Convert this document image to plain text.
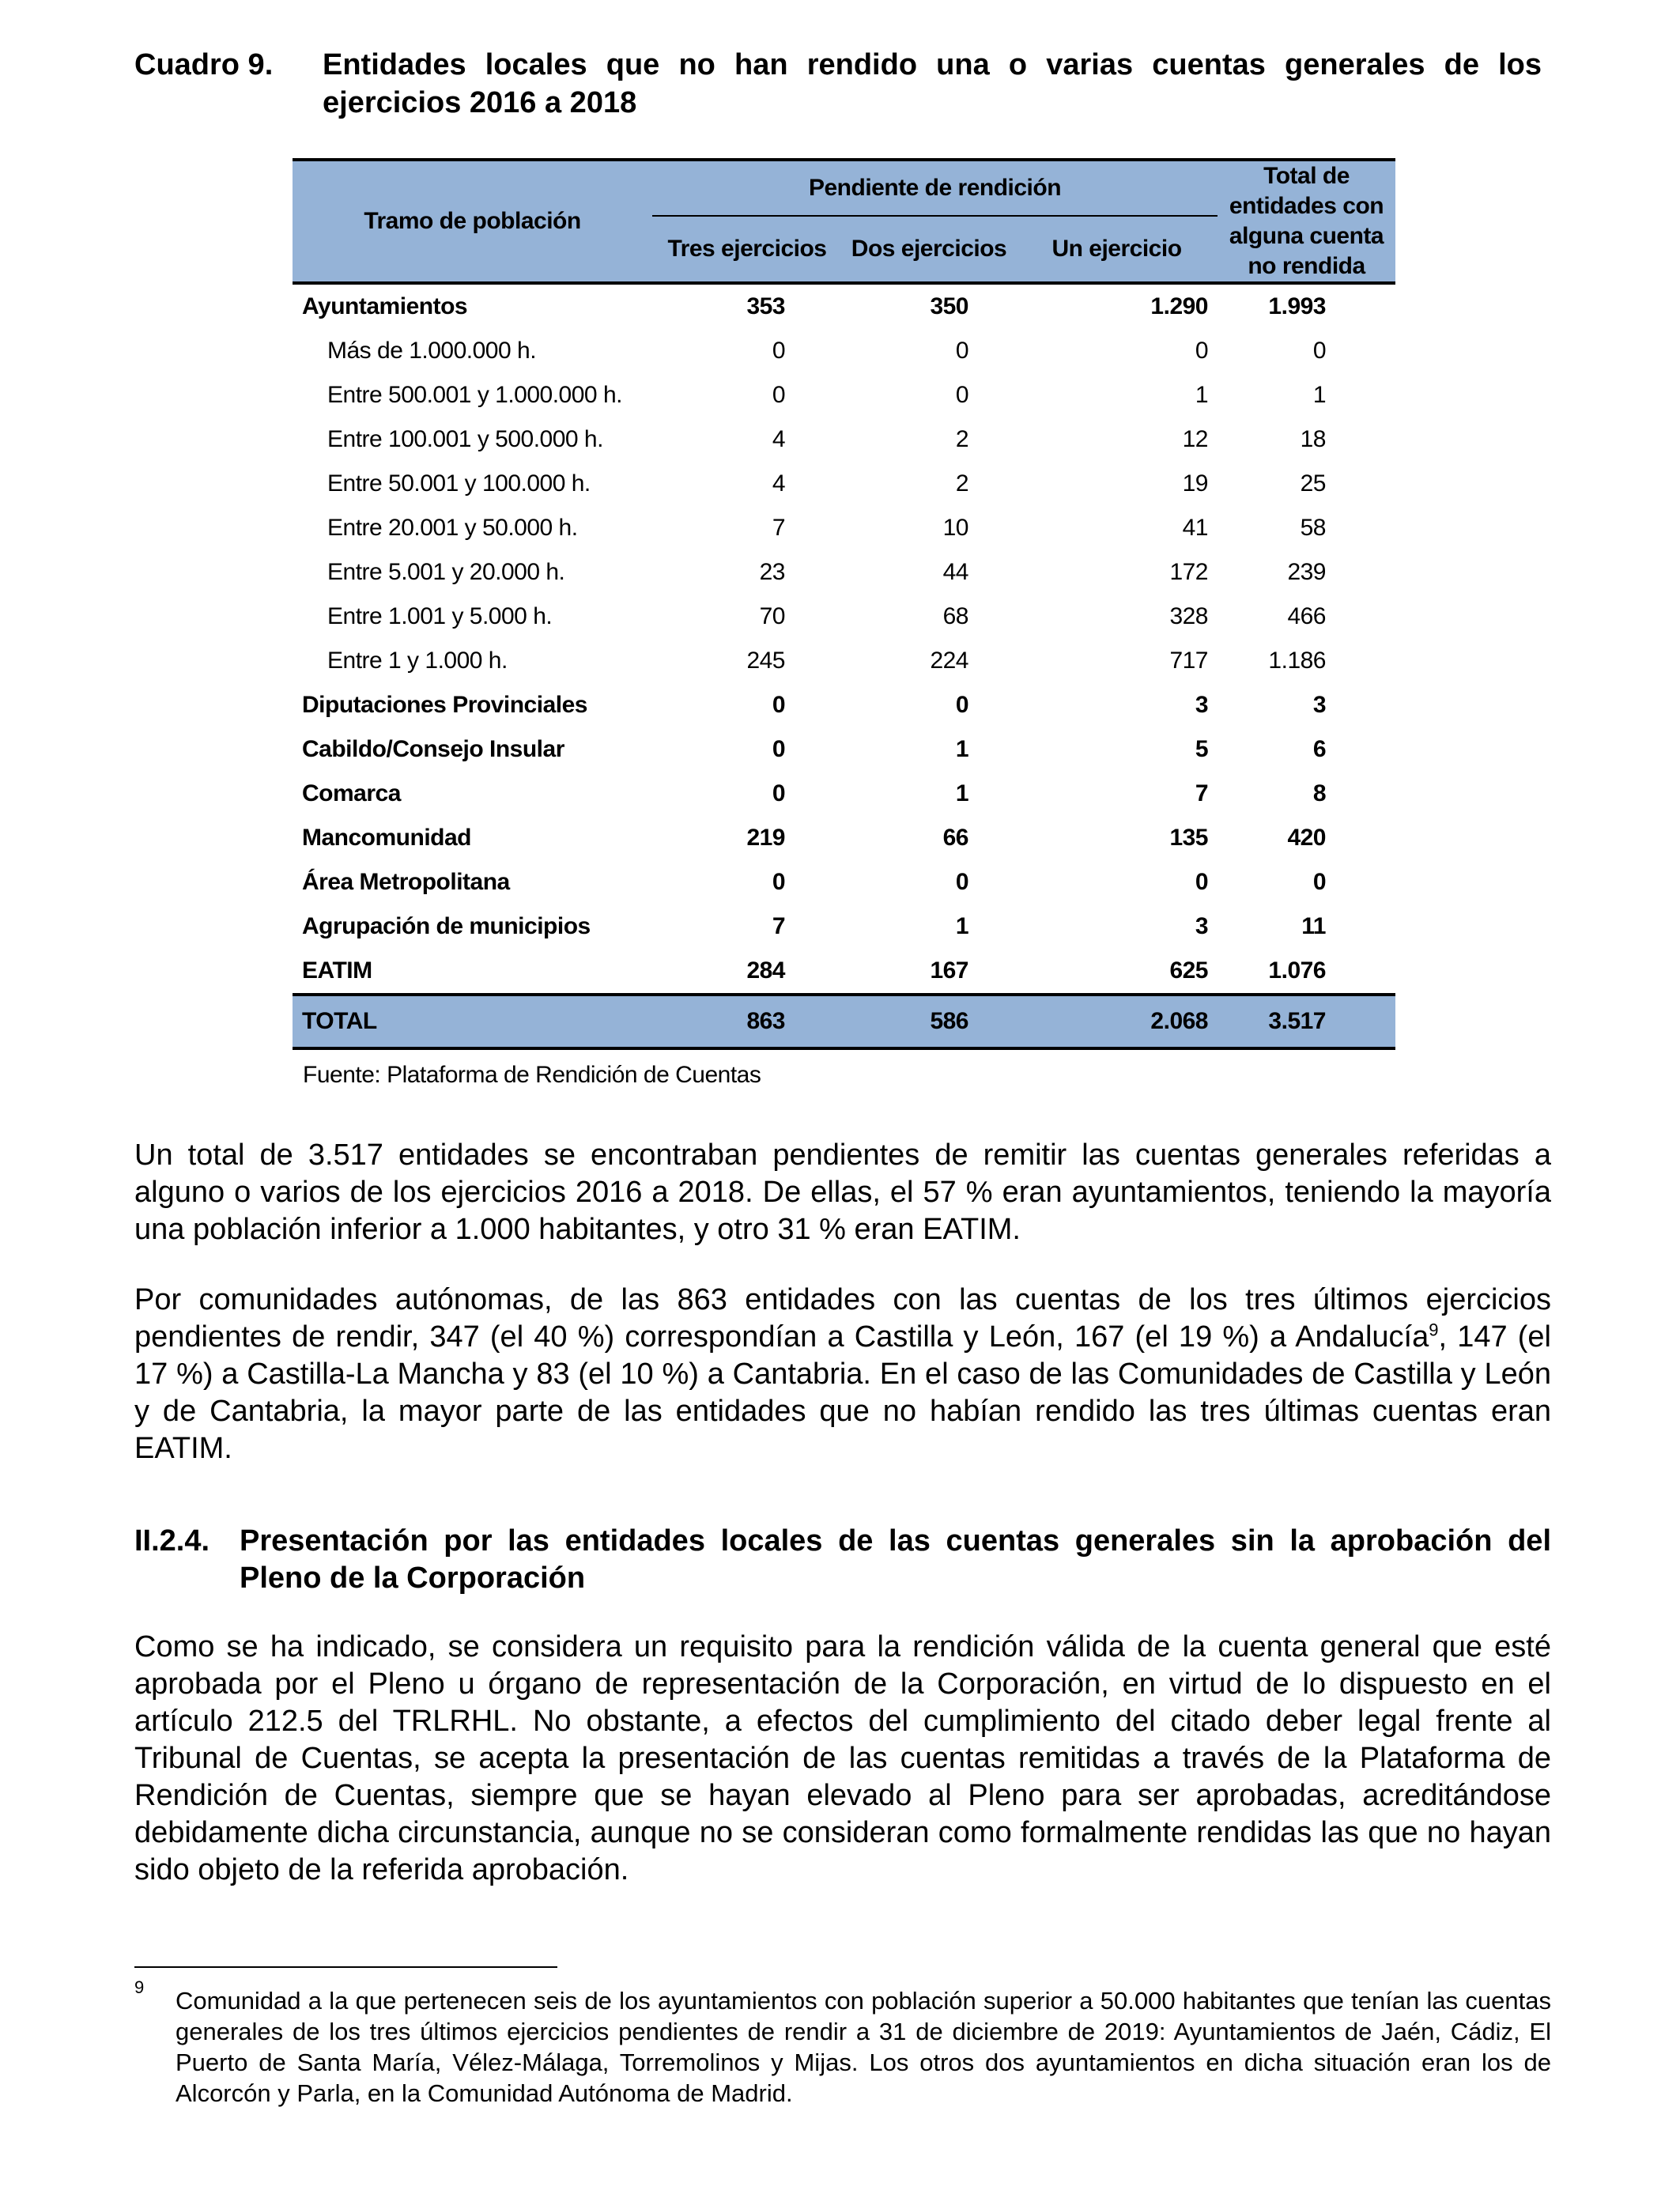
Cuadro 9. Entidades locales que no han rendido una o varias cuentas generales de los ejercicios 2016 a 2018
Tramo de población	Pendiente de rendición			Total de entidades con alguna cuenta no rendida
	Tres ejercicios	Dos ejercicios	Un ejercicio	
Ayuntamientos	353	350	1.290	1.993
Más de 1.000.000 h.	0	0	0	0
Entre 500.001 y 1.000.000 h.	0	0	1	1
Entre 100.001 y 500.000 h.	4	2	12	18
Entre 50.001 y 100.000 h.	4	2	19	25
Entre 20.001 y 50.000 h.	7	10	41	58
Entre 5.001 y 20.000 h.	23	44	172	239
Entre 1.001 y 5.000 h.	70	68	328	466
Entre 1 y 1.000 h.	245	224	717	1.186
Diputaciones Provinciales	0	0	3	3
Cabildo/Consejo Insular	0	1	5	6
Comarca	0	1	7	8
Mancomunidad	219	66	135	420
Área Metropolitana	0	0	0	0
Agrupación de municipios	7	1	3	11
EATIM	284	167	625	1.076
TOTAL	863	586	2.068	3.517
Fuente: Plataforma de Rendición de Cuentas

Un total de 3.517 entidades se encontraban pendientes de remitir las cuentas generales referidas a alguno o varios de los ejercicios 2016 a 2018. De ellas, el 57 % eran ayuntamientos, teniendo la mayoría una población inferior a 1.000 habitantes, y otro 31 % eran EATIM.

Por comunidades autónomas, de las 863 entidades con las cuentas de los tres últimos ejercicios pendientes de rendir, 347 (el 40 %) correspondían a Castilla y León, 167 (el 19 %) a Andalucía$^9$, 147 (el 17 %) a Castilla-La Mancha y 83 (el 10 %) a Cantabria. En el caso de las Comunidades de Castilla y León y de Cantabria, la mayor parte de las entidades que no habían rendido las tres últimas cuentas eran EATIM.

II.2.4. Presentación por las entidades locales de las cuentas generales sin la aprobación del Pleno de la Corporación

Como se ha indicado, se considera un requisito para la rendición válida de la cuenta general que esté aprobada por el Pleno u órgano de representación de la Corporación, en virtud de lo dispuesto en el artículo 212.5 del TRLRHL. No obstante, a efectos del cumplimiento del citado deber legal frente al Tribunal de Cuentas, se acepta la presentación de las cuentas remitidas a través de la Plataforma de Rendición de Cuentas, siempre que se hayan elevado al Pleno para ser aprobadas, acreditándose debidamente dicha circunstancia, aunque no se consideran como formalmente rendidas las que no hayan sido objeto de la referida aprobación.

9 Comunidad a la que pertenecen seis de los ayuntamientos con población superior a 50.000 habitantes que tenían las cuentas generales de los tres últimos ejercicios pendientes de rendir a 31 de diciembre de 2019: Ayuntamientos de Jaén, Cádiz, El Puerto de Santa María, Vélez-Málaga, Torremolinos y Mijas. Los otros dos ayuntamientos en dicha situación eran los de Alcorcón y Parla, en la Comunidad Autónoma de Madrid.
